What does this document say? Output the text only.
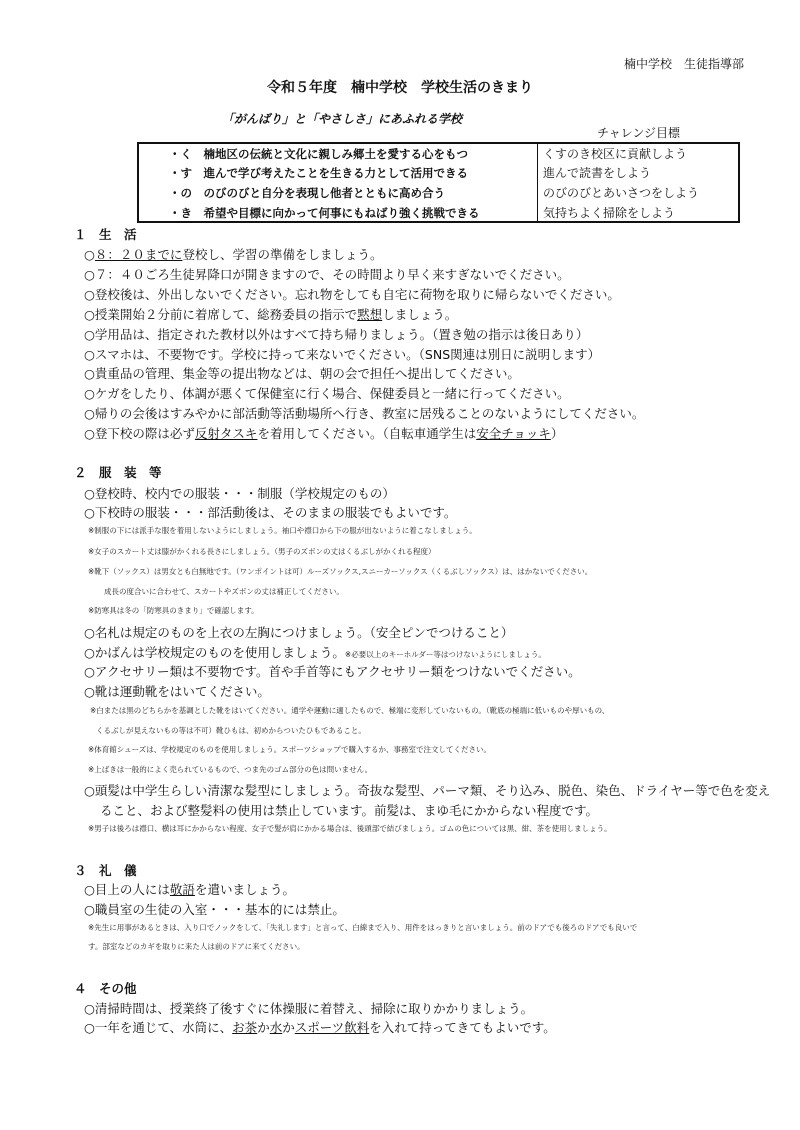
楠中学校　生徒指導部
令和５年度　楠中学校　学校生活のきまり
「がんばり」と「やさしさ」にあふれる学校
チャレンジ目標
・く　楠地区の伝統と文化に親しみ郷土を愛する心をもつ	くすのき校区に貢献しよう
・す　進んで学び考えたことを生きる力として活用できる	進んで読書をしよう
・の　のびのびと自分を表現し他者とともに高め合う	のびのびとあいさつをしよう
・き　希望や目標に向かって何事にもねばり強く挑戦できる	気持ちよく掃除をしよう
１　生　活
○８：２０までに登校し、学習の準備をしましょう。
○７：４０ごろ生徒昇降口が開きますので、その時間より早く来すぎないでください。
○登校後は、外出しないでください。忘れ物をしても自宅に荷物を取りに帰らないでください。
○授業開始２分前に着席して、総務委員の指示で黙想しましょう。
○学用品は、指定された教材以外はすべて持ち帰りましょう。（置き勉の指示は後日あり）
○スマホは、不要物です。学校に持って来ないでください。（SNS関連は別日に説明します）
○貴重品の管理、集金等の提出物などは、朝の会で担任へ提出してください。
○ケガをしたり、体調が悪くて保健室に行く場合、保健委員と一緒に行ってください。
○帰りの会後はすみやかに部活動等活動場所へ行き、教室に居残ることのないようにしてください。
○登下校の際は必ず反射タスキを着用してください。（自転車通学生は安全チョッキ）
２　服　装　等
○登校時、校内での服装・・・制服（学校規定のもの）
○下校時の服装・・・部活動後は、そのままの服装でもよいです。
※制服の下には派手な服を着用しないようにしましょう。袖口や襟口から下の服が出ないように着こなしましょう。
※女子のスカート丈は膝がかくれる長さにしましょう。（男子のズボンの丈はくるぶしがかくれる程度）
※靴下（ソックス）は男女とも白無地です。（ワンポイントは可）ルーズソックス,スニーカーソックス（くるぶしソックス）は、はかないでください。
成長の度合いに合わせて、スカートやズボンの丈は補正してください。
※防寒具は冬の「防寒具のきまり」で確認します。
○名札は規定のものを上衣の左胸につけましょう。（安全ピンでつけること）
○かばんは学校規定のものを使用しましょう。※必要以上のキーホルダー等はつけないようにしましょう。
○アクセサリー類は不要物です。首や手首等にもアクセサリー類をつけないでください。
○靴は運動靴をはいてください。
※白または黒のどちらかを基調とした靴をはいてください。通学や運動に適したもので、極端に変形していないもの。（靴底の極端に低いものや厚いもの、
くるぶしが見えないもの等は不可）靴ひもは、初めからついたひもであること。
※体育館シューズは、学校規定のものを使用しましょう。スポーツショップで購入するか、事務室で注文してください。
※上ばきは一般的によく売られているもので、つま先のゴム部分の色は問いません。
○頭髪は中学生らしい清潔な髪型にしましょう。奇抜な髪型、パーマ類、そり込み、脱色、染色、ドライヤー等で色を変え
ること、および整髪料の使用は禁止しています。前髪は、まゆ毛にかからない程度です。
※男子は後ろは襟口、横は耳にかからない程度、女子で髪が肩にかかる場合は、後頭部で結びましょう。ゴムの色については黒、紺、茶を使用しましょう。
３　礼　儀
○目上の人には敬語を遣いましょう。
○職員室の生徒の入室・・・基本的には禁止。
※先生に用事があるときは、入り口でノックをして、「失礼します」と言って、白線まで入り、用件をはっきりと言いましょう。前のドアでも後ろのドアでも良いで
す。部室などのカギを取りに来た人は前のドアに来てください。
４　その他
○清掃時間は、授業終了後すぐに体操服に着替え、掃除に取りかかりましょう。
○一年を通じて、水筒に、お茶か水かスポーツ飲料を入れて持ってきてもよいです。
